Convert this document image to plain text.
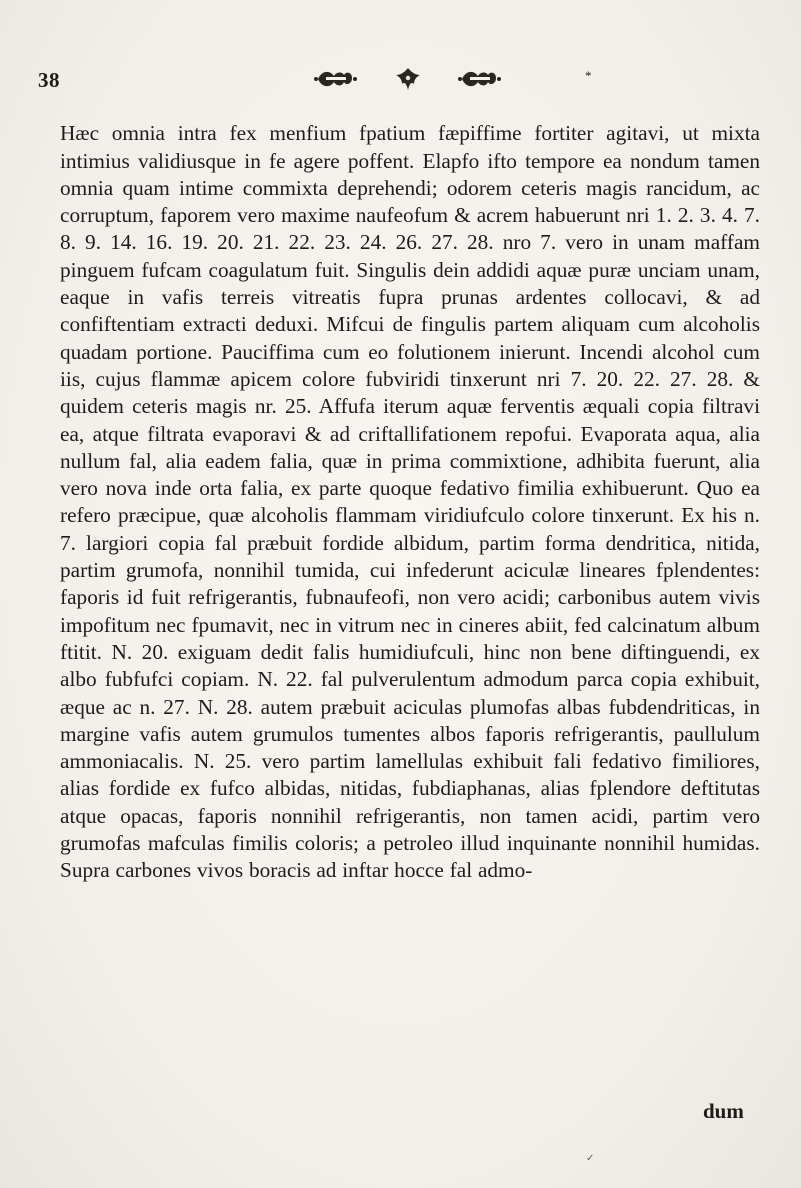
38	*

Hæc omnia intra fex menfium fpatium fæpiffime fortiter agitavi, ut mixta intimius validiusque in fe agere poffent. Elapfo ifto tempore ea nondum tamen omnia quam intime commixta deprehendi; odorem ceteris magis rancidum, ac corruptum, faporem vero maxime naufeofum & acrem habuerunt nri 1. 2. 3. 4. 7. 8. 9. 14. 16. 19. 20. 21. 22. 23. 24. 26. 27. 28. nro 7. vero in unam maffam pinguem fufcam coagulatum fuit. Singulis dein addidi aquæ puræ unciam unam, eaque in vafis terreis vitreatis fupra prunas ardentes collocavi, & ad confiftentiam extracti deduxi. Mifcui de fingulis partem aliquam cum alcoholis quadam portione. Pauciffima cum eo folutionem inierunt. Incendi alcohol cum iis, cujus flammæ apicem colore fubviridi tinxerunt nri 7. 20. 22. 27. 28. & quidem ceteris magis nr. 25. Affufa iterum aquæ ferventis æquali copia filtravi ea, atque filtrata evaporavi & ad criftallifationem repofui. Evaporata aqua, alia nullum fal, alia eadem falia, quæ in prima commixtione, adhibita fuerunt, alia vero nova inde orta falia, ex parte quoque fedativo fimilia exhibuerunt. Quo ea refero præcipue, quæ alcoholis flammam viridiufculo colore tinxerunt. Ex his n. 7. largiori copia fal præbuit fordide albidum, partim forma dendritica, nitida, partim grumofa, nonnihil tumida, cui infederunt aciculæ lineares fplendentes: faporis id fuit refrigerantis, fubnaufeofi, non vero acidi; carbonibus autem vivis impofitum nec fpumavit, nec in vitrum nec in cineres abiit, fed calcinatum album ftitit. N. 20. exiguam dedit falis humidiufculi, hinc non bene diftinguendi, ex albo fubfufci copiam. N. 22. fal pulverulentum admodum parca copia exhibuit, æque ac n. 27. N. 28. autem præbuit aciculas plumofas albas fubdendriticas, in margine vafis autem grumulos tumentes albos faporis refrigerantis, paullulum ammoniacalis. N. 25. vero partim lamellulas exhibuit fali fedativo fimiliores, alias fordide ex fufco albidas, nitidas, fubdiaphanas, alias fplendore deftitutas atque opacas, faporis nonnihil refrigerantis, non tamen acidi, partim vero grumofas mafculas fimilis coloris; a petroleo illud inquinante nonnihil humidas. Supra carbones vivos boracis ad inftar hocce fal admo-

dum
✓
